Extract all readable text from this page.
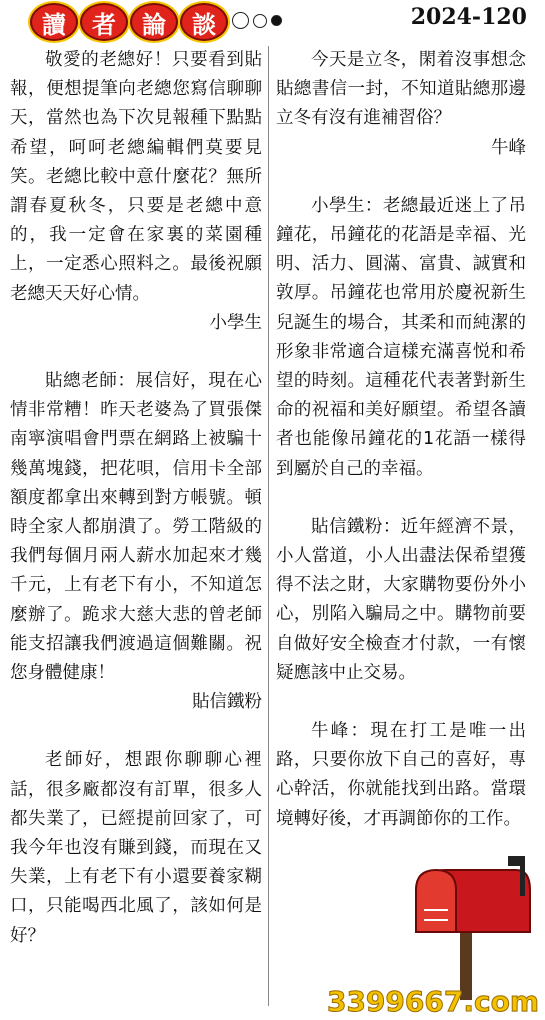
讀	者	論	談	2024-120

敬愛的老總好！只要看到貼報，便想提筆向老總您寫信聊聊天，當然也為下次見報種下點點希望，呵呵老總編輯們莫要見笑。老總比較中意什麼花？無所謂春夏秋冬，只要是老總中意的，我一定會在家裏的菜園種上，一定悉心照料之。最後祝願老總天天好心情。

小學生

貼總老師：展信好，現在心情非常糟！昨天老婆為了買張傑南寧演唱會門票在網路上被騙十幾萬塊錢，把花唄，信用卡全部額度都拿出來轉到對方帳號。頓時全家人都崩潰了。勞工階級的我們每個月兩人薪水加起來才幾千元，上有老下有小，不知道怎麼辦了。跪求大慈大悲的曾老師能支招讓我們渡過這個難關。祝您身體健康！

貼信鐵粉

老師好，想跟你聊聊心裡話，很多廠都沒有訂單，很多人都失業了，已經提前回家了，可我今年也沒有賺到錢，而現在又失業，上有老下有小還要養家糊口，只能喝西北風了，該如何是好？

今天是立冬，閑着沒事想念貼總書信一封，不知道貼總那邊立冬有沒有進補習俗？

牛峰

小學生：老總最近迷上了吊鐘花，吊鐘花的花語是幸福、光明、活力、圓滿、富貴、誠實和敦厚。吊鐘花也常用於慶祝新生兒誕生的場合，其柔和而純潔的形象非常適合這樣充滿喜悦和希望的時刻。這種花代表著對新生命的祝福和美好願望。希望各讀者也能像吊鐘花的1花語一樣得到屬於自己的幸福。

貼信鐵粉：近年經濟不景，小人當道，小人出盡法保希望獲得不法之財，大家購物要份外小心，別陷入騙局之中。購物前要自做好安全檢查才付款，一有懷疑應該中止交易。

牛峰：現在打工是唯一出路，只要你放下自己的喜好，專心幹活，你就能找到出路。當環境轉好後，才再調節你的工作。

3399667.com
